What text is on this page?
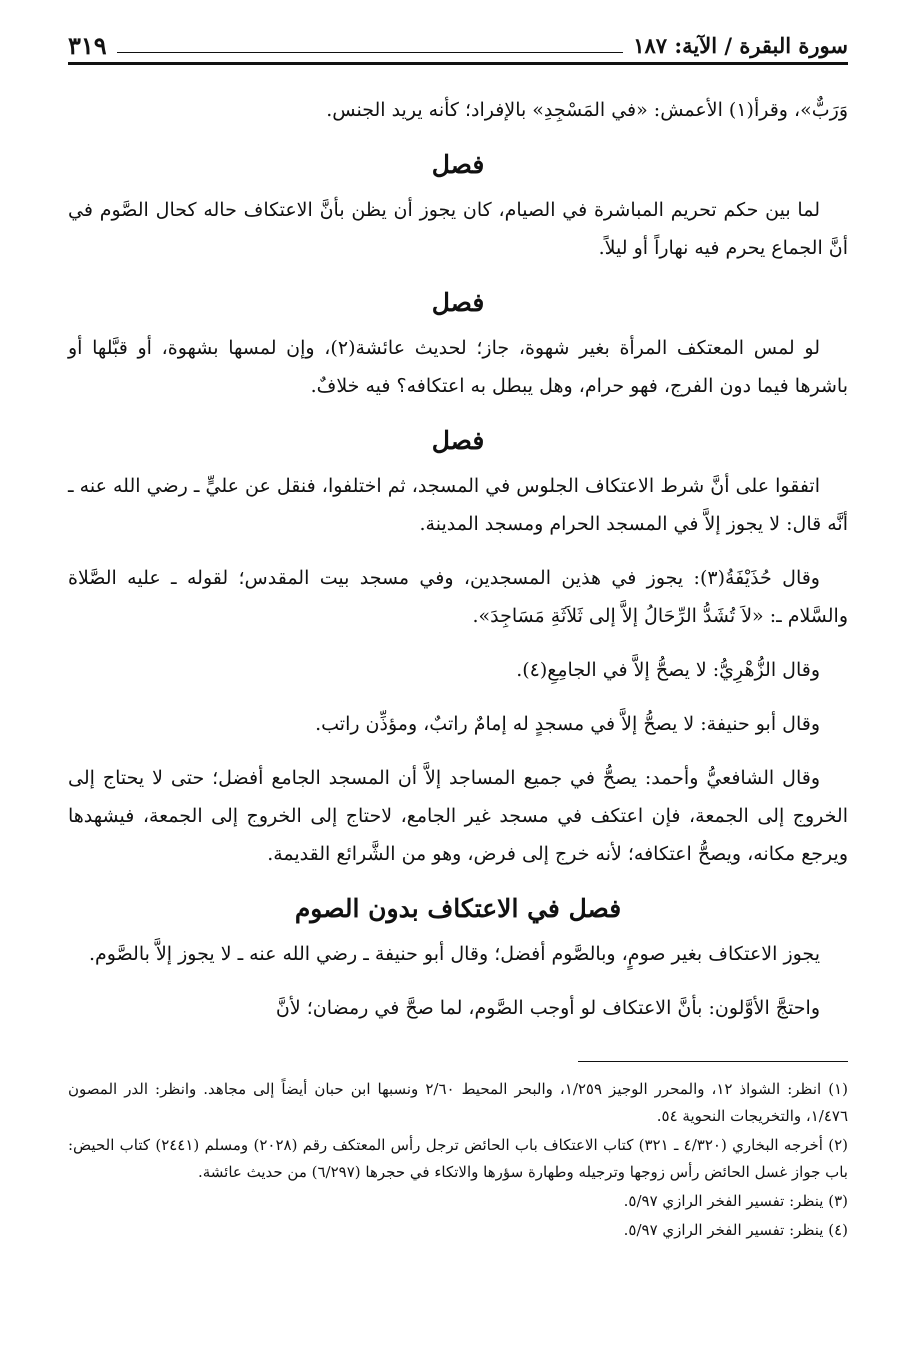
سورة البقرة / الآية: ١٨٧
٣١٩

وَرَبٌّ»، وقرأ(١) الأعمش: «في المَسْجِدِ» بالإفراد؛ كأنه يريد الجنس.

فصل

لما بين حكم تحريم المباشرة في الصيام، كان يجوز أن يظن بأنَّ الاعتكاف حاله كحال الصَّوم في أنَّ الجماع يحرم فيه نهاراً أو ليلاً.

فصل

لو لمس المعتكف المرأة بغير شهوة، جاز؛ لحديث عائشة(٢)، وإن لمسها بشهوة، أو قبَّلها أو باشرها فيما دون الفرج، فهو حرام، وهل يبطل به اعتكافه؟ فيه خلافٌ.

فصل

اتفقوا على أنَّ شرط الاعتكاف الجلوس في المسجد، ثم اختلفوا، فنقل عن عليٍّ ـ رضي الله عنه ـ أنَّه قال: لا يجوز إلاَّ في المسجد الحرام ومسجد المدينة.

وقال حُذَيْفَةُ(٣): يجوز في هذين المسجدين، وفي مسجد بيت المقدس؛ لقوله ـ عليه الصَّلاة والسَّلام ـ: «لاَ تُشَدُّ الرِّحَالُ إلاَّ إلى ثَلاَثَةِ مَسَاجِدَ».

وقال الزُّهْرِيُّ: لا يصحُّ إلاَّ في الجامِعِ(٤).

وقال أبو حنيفة: لا يصحُّ إلاَّ في مسجدٍ له إمامٌ راتبٌ، ومؤذِّن راتب.

وقال الشافعيُّ وأحمد: يصحُّ في جميع المساجد إلاَّ أن المسجد الجامع أفضل؛ حتى لا يحتاج إلى الخروج إلى الجمعة، فإن اعتكف في مسجد غير الجامع، لاحتاج إلى الخروج إلى الجمعة، فيشهدها ويرجع مكانه، ويصحُّ اعتكافه؛ لأنه خرج إلى فرض، وهو من الشَّرائع القديمة.

فصل في الاعتكاف بدون الصوم

يجوز الاعتكاف بغير صومٍ، وبالصَّوم أفضل؛ وقال أبو حنيفة ـ رضي الله عنه ـ لا يجوز إلاَّ بالصَّوم.

واحتجَّ الأوَّلون: بأنَّ الاعتكاف لو أوجب الصَّوم، لما صحَّ في رمضان؛ لأنَّ

(١) انظر: الشواذ ١٢، والمحرر الوجيز ١/٢٥٩، والبحر المحيط ٢/٦٠ ونسبها ابن حبان أيضاً إلى مجاهد. وانظر: الدر المصون ١/٤٧٦، والتخريجات النحوية ٥٤.

(٢) أخرجه البخاري (٤/٣٢٠ ـ ٣٢١) كتاب الاعتكاف باب الحائض ترجل رأس المعتكف رقم (٢٠٢٨) ومسلم (٢٤٤١) كتاب الحيض: باب جواز غسل الحائض رأس زوجها وترجيله وطهارة سؤرها والاتكاء في حجرها (٦/٢٩٧) من حديث عائشة.

(٣) ينظر: تفسير الفخر الرازي ٥/٩٧.

(٤) ينظر: تفسير الفخر الرازي ٥/٩٧.
